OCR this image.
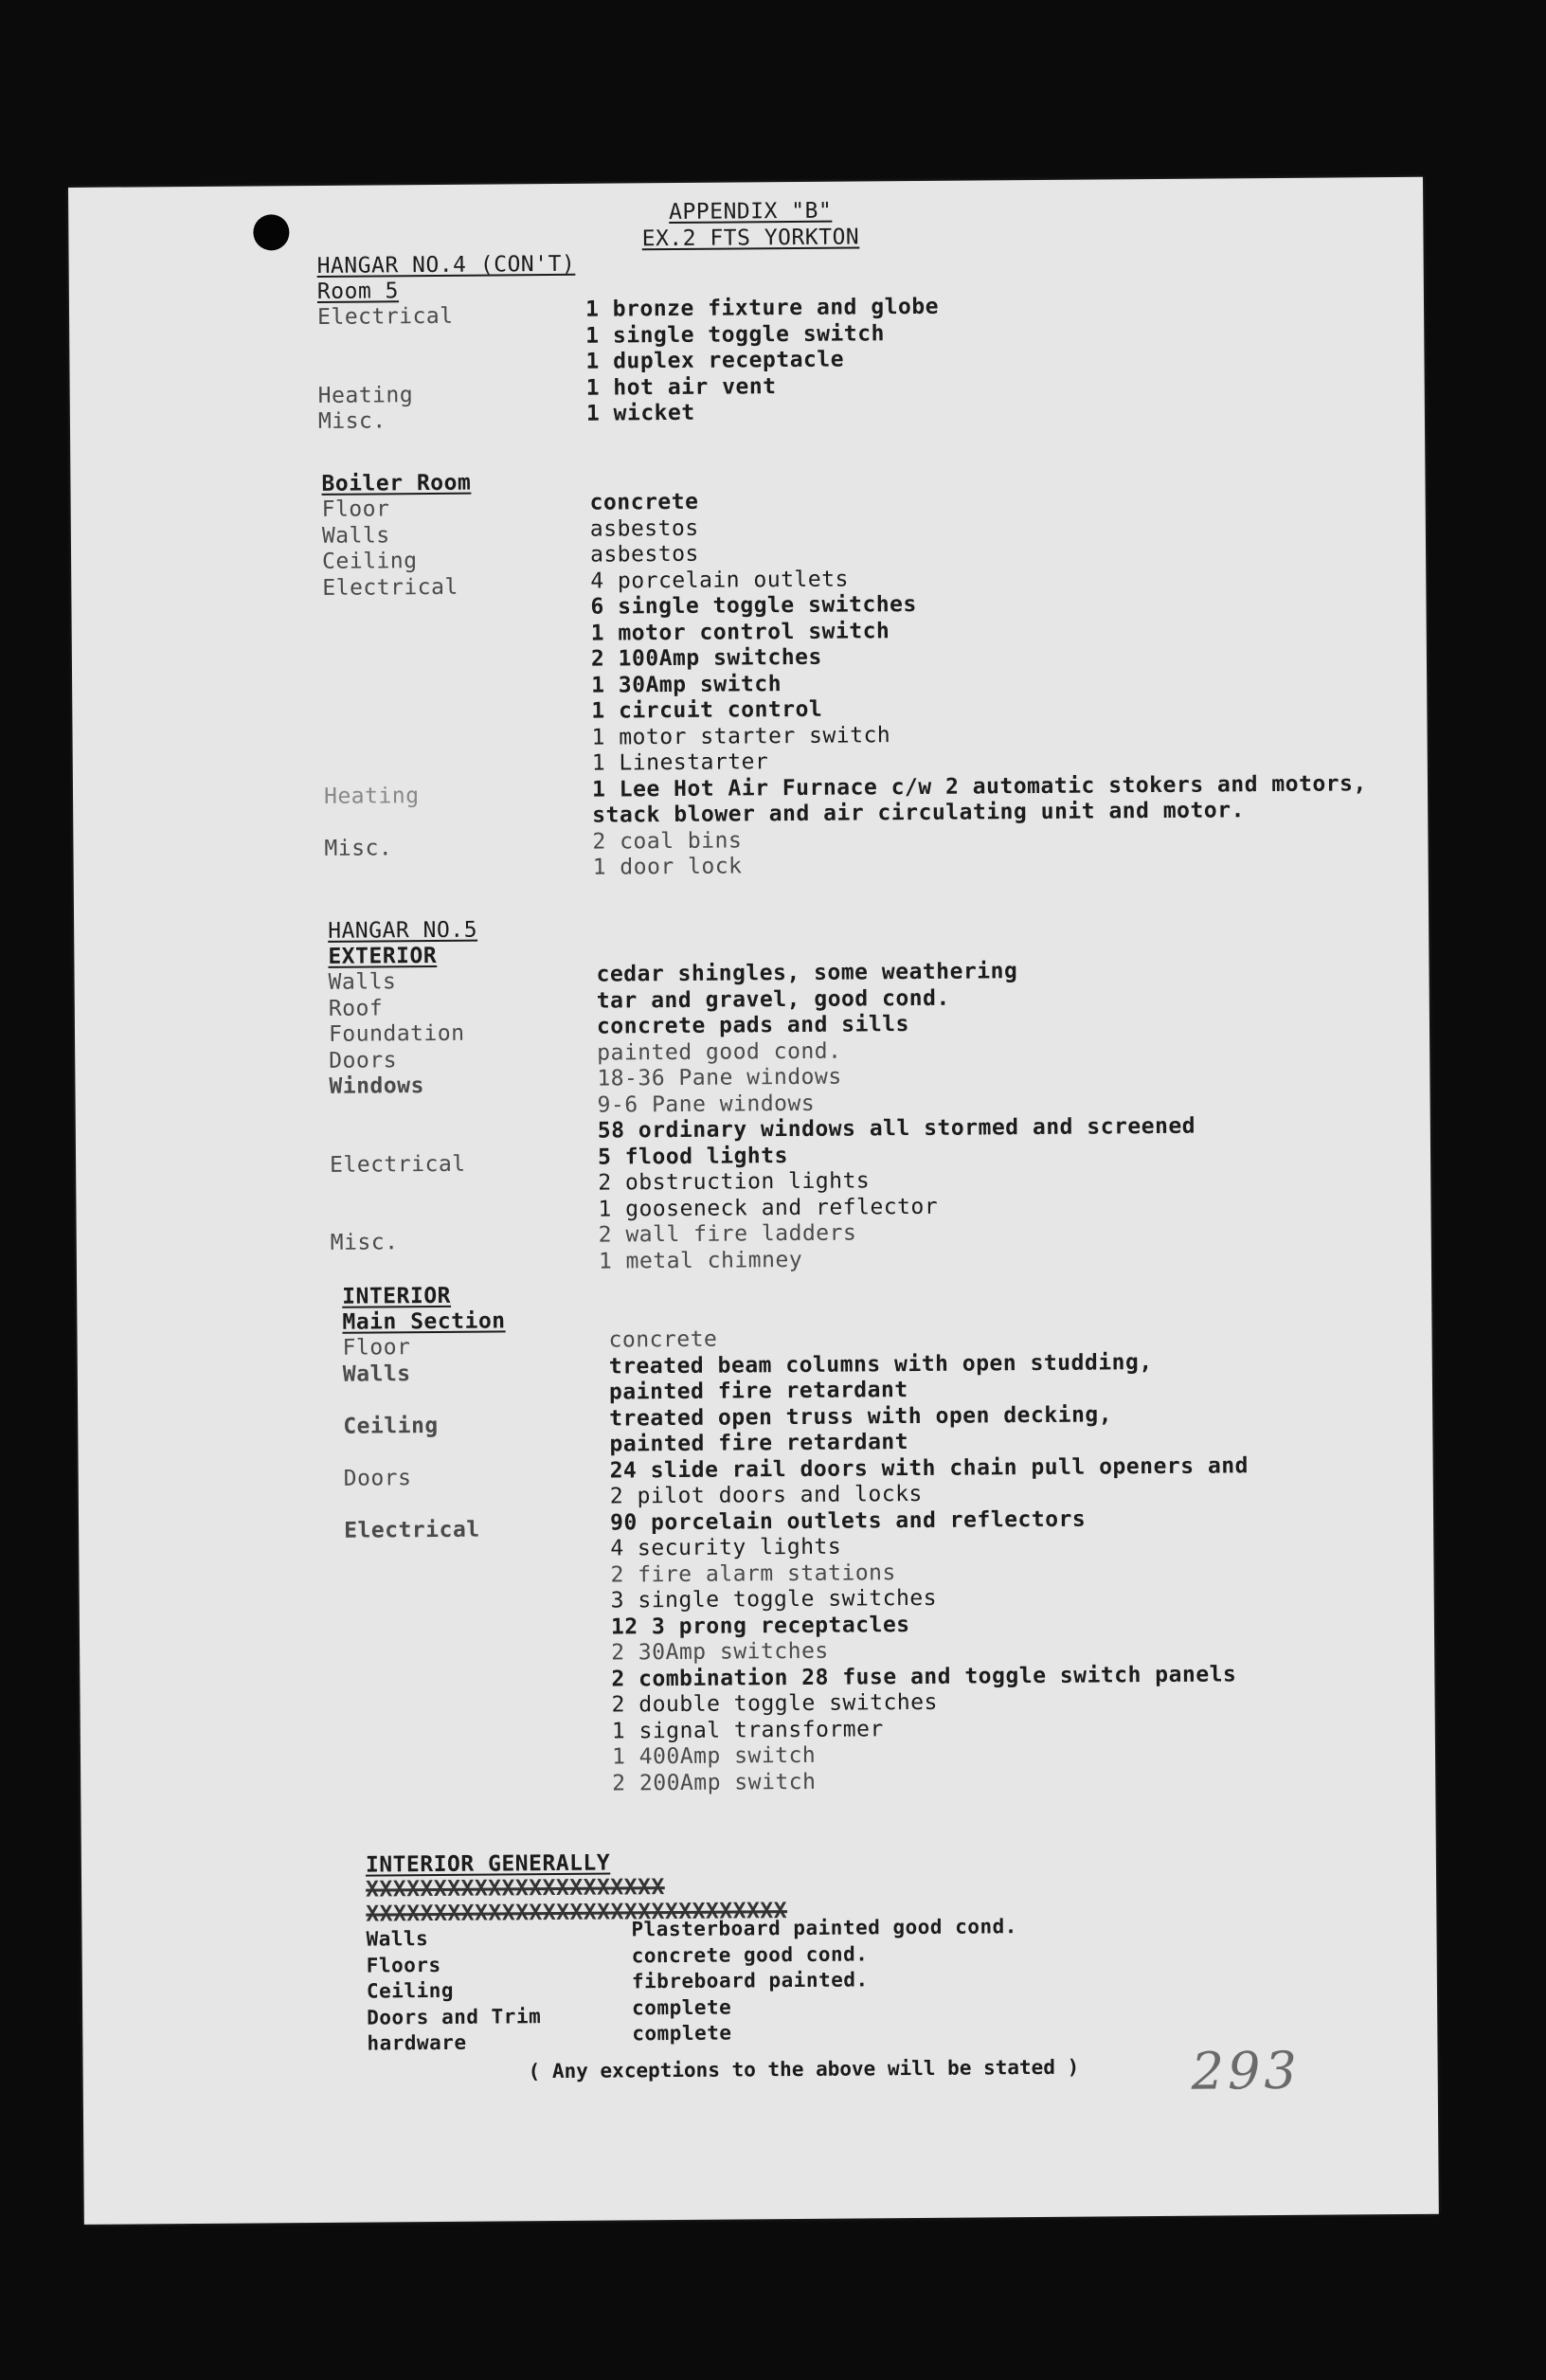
APPENDIX "B"
EX.2 FTS YORKTON
HANGAR NO.4 (CON'T)
Room 5
Electrical
Heating
Misc.
1 bronze fixture and globe
1 single toggle switch
1 duplex receptacle
1 hot air vent
1 wicket
Boiler Room
Floor
Walls
Ceiling
Electrical
Heating
Misc.
concrete
asbestos
asbestos
4 porcelain outlets
6 single toggle switches
1 motor control switch
2 100Amp switches
1 30Amp switch
1 circuit control
1 motor starter switch
1 Linestarter
1 Lee Hot Air Furnace c/w 2 automatic stokers and motors,
stack blower and air circulating unit and motor.
2 coal bins
1 door lock
HANGAR NO.5
EXTERIOR
Walls
Roof
Foundation
Doors
Windows
Electrical
Misc.
cedar shingles, some weathering
tar and gravel, good cond.
concrete pads and sills
painted good cond.
18-36 Pane windows
9-6 Pane windows
58 ordinary windows all stormed and screened
5 flood lights
2 obstruction lights
1 gooseneck and reflector
2 wall fire ladders
1 metal chimney
INTERIOR
Main Section
Floor
Walls
Ceiling
Doors
Electrical
concrete
treated beam columns with open studding,
painted fire retardant
treated open truss with open decking,
painted fire retardant
24 slide rail doors with chain pull openers and
2 pilot doors and locks
90 porcelain outlets and reflectors
4 security lights
2 fire alarm stations
3 single toggle switches
12 3 prong receptacles
2 30Amp switches
2 combination 28 fuse and toggle switch panels
2 double toggle switches
1 signal transformer
1 400Amp switch
2 200Amp switch
INTERIOR GENERALLY
XXXXXXXXXXXXXXXXXXXXXX
XXXXXXXXXXXXXXXXXXXXXXXXXXXXXXX
Walls
Floors
Ceiling
Doors and Trim
hardware
Plasterboard painted good cond.
concrete good cond.
fibreboard painted.
complete
complete
( Any exceptions to the above will be stated ) 293
